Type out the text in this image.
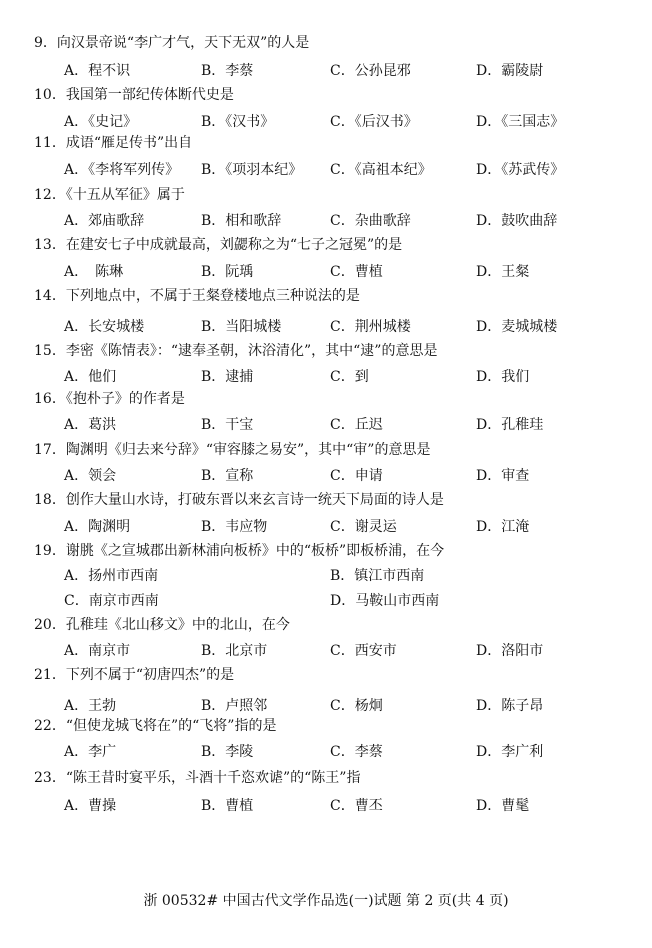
9．向汉景帝说“李广才气，天下无双”的人是
A．程不识	B．李蔡	C．公孙昆邪	D．霸陵尉
10．我国第一部纪传体断代史是
A．《史记》	B．《汉书》	C．《后汉书》	D．《三国志》
11．成语“雁足传书”出自
A．《李将军列传》 B．《项羽本纪》 C．《高祖本纪》	D．《苏武传》
12．《十五从军征》属于
A．郊庙歌辞	B．相和歌辞	C．杂曲歌辞	D．鼓吹曲辞
13．在建安七子中成就最高，刘勰称之为“七子之冠冕”的是
A．　陈琳	B．阮瑀	C．曹植	D．王粲
14．下列地点中，不属于王粲登楼地点三种说法的是
A．长安城楼	B．当阳城楼	C．荆州城楼	D．麦城城楼
15．李密《陈情表》：“逮奉圣朝，沐浴清化”，其中“逮”的意思是
A．他们	B．逮捕	C．到	D．我们
16．《抱朴子》的作者是
A．葛洪	B．干宝	C．丘迟	D．孔稚珪
17．陶渊明《归去来兮辞》“审容膝之易安”，其中“审”的意思是
A．领会	B．宣称	C．申请	D．审查
18．创作大量山水诗，打破东晋以来玄言诗一统天下局面的诗人是
A．陶渊明	B．韦应物	C．谢灵运	D．江淹
19．谢朓《之宣城郡出新林浦向板桥》中的“板桥”即板桥浦，在今
A．扬州市西南	B．镇江市西南
C．南京市西南	D．马鞍山市西南
20．孔稚珪《北山移文》中的北山，在今
A．南京市	B．北京市	C．西安市	D．洛阳市
21．下列不属于“初唐四杰”的是
A．王勃	B．卢照邻	C．杨炯	D．陈子昂
22．“但使龙城飞将在”的“飞将”指的是
A．李广	B．李陵	C．李蔡	D．李广利
23．“陈王昔时宴平乐，斗酒十千恣欢谑”的“陈王”指
A．曹操	B．曹植	C．曹丕	D．曹髦
浙 00532# 中国古代文学作品选(一)试题 第 2 页(共 4 页)
